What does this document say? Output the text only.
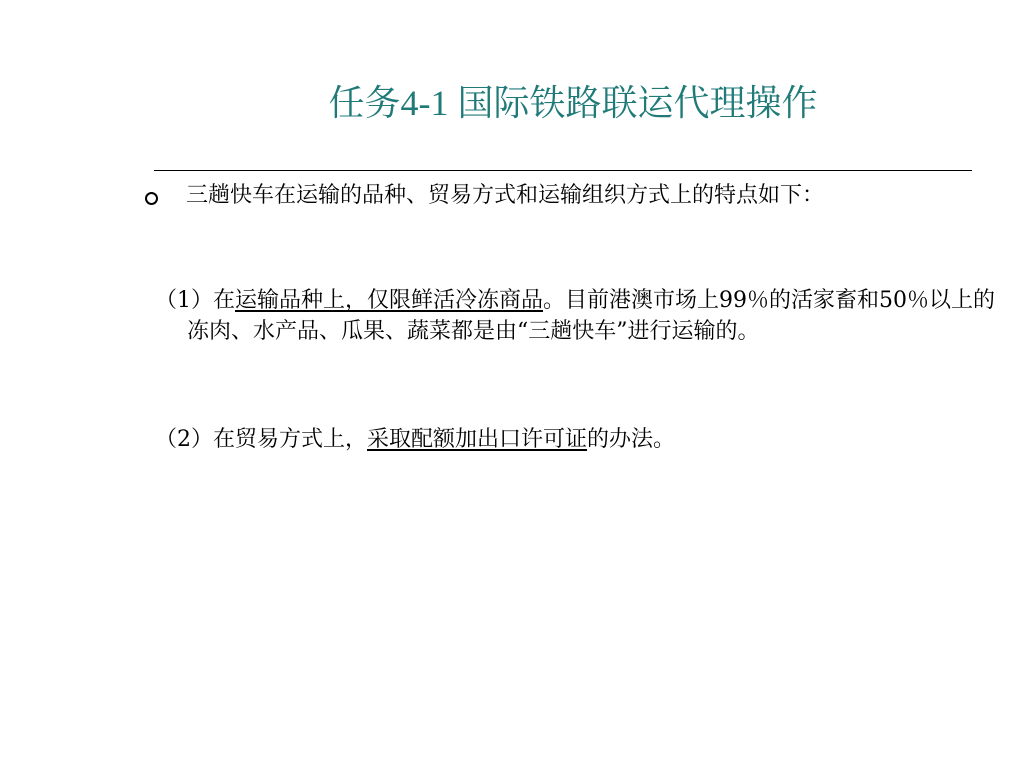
任务4-1 国际铁路联运代理操作
三趟快车在运输的品种、贸易方式和运输组织方式上的特点如下：
（1）在运输品种上，仅限鲜活冷冻商品。目前港澳市场上99％的活家畜和50％以上的冻肉、水产品、瓜果、蔬菜都是由“三趟快车”进行运输的。
（2）在贸易方式上，采取配额加出口许可证的办法。
